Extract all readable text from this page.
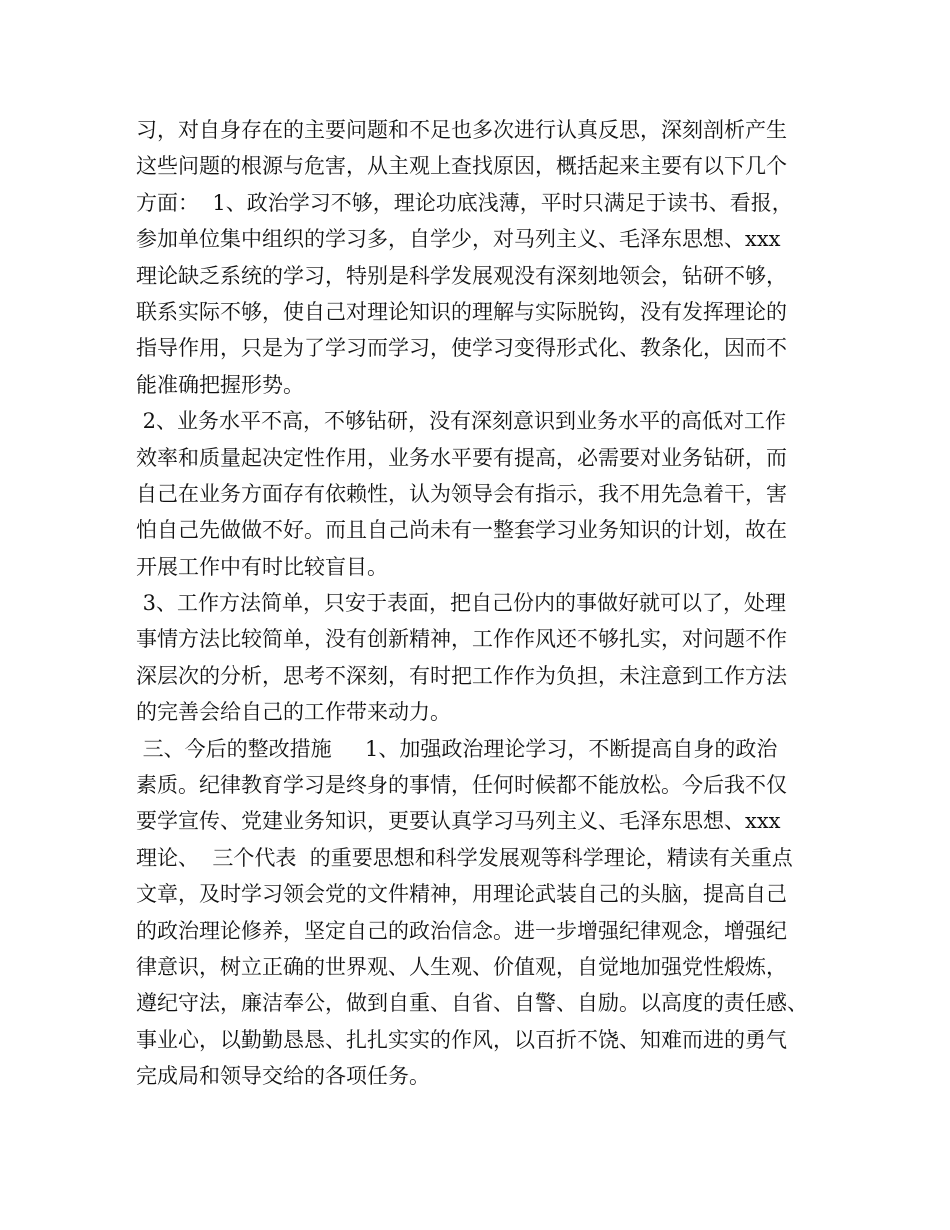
习，对自身存在的主要问题和不足也多次进行认真反思，深刻剖析产生
这些问题的根源与危害，从主观上查找原因，概括起来主要有以下几个
方面：  1、政治学习不够，理论功底浅薄，平时只满足于读书、看报，
参加单位集中组织的学习多，自学少，对马列主义、毛泽东思想、xxx
理论缺乏系统的学习，特别是科学发展观没有深刻地领会，钻研不够，
联系实际不够，使自己对理论知识的理解与实际脱钩，没有发挥理论的
指导作用，只是为了学习而学习，使学习变得形式化、教条化，因而不
能准确把握形势。
2、业务水平不高，不够钻研，没有深刻意识到业务水平的高低对工作
效率和质量起决定性作用，业务水平要有提高，必需要对业务钻研，而
自己在业务方面存有依赖性，认为领导会有指示，我不用先急着干，害
怕自己先做做不好。而且自己尚未有一整套学习业务知识的计划，故在
开展工作中有时比较盲目。
3、工作方法简单，只安于表面，把自己份内的事做好就可以了，处理
事情方法比较简单，没有创新精神，工作作风还不够扎实，对问题不作
深层次的分析，思考不深刻，有时把工作作为负担，未注意到工作方法
的完善会给自己的工作带来动力。
三、今后的整改措施     1、加强政治理论学习，不断提高自身的政治
素质。纪律教育学习是终身的事情，任何时候都不能放松。今后我不仅
要学宣传、党建业务知识，更要认真学习马列主义、毛泽东思想、xxx
理论、  三个代表  的重要思想和科学发展观等科学理论，精读有关重点
文章，及时学习领会党的文件精神，用理论武装自己的头脑，提高自己
的政治理论修养，坚定自己的政治信念。进一步增强纪律观念，增强纪
律意识，树立正确的世界观、人生观、价值观，自觉地加强党性煅炼，
遵纪守法，廉洁奉公，做到自重、自省、自警、自励。以高度的责任感、
事业心，以勤勤恳恳、扎扎实实的作风，以百折不饶、知难而进的勇气
完成局和领导交给的各项任务。
